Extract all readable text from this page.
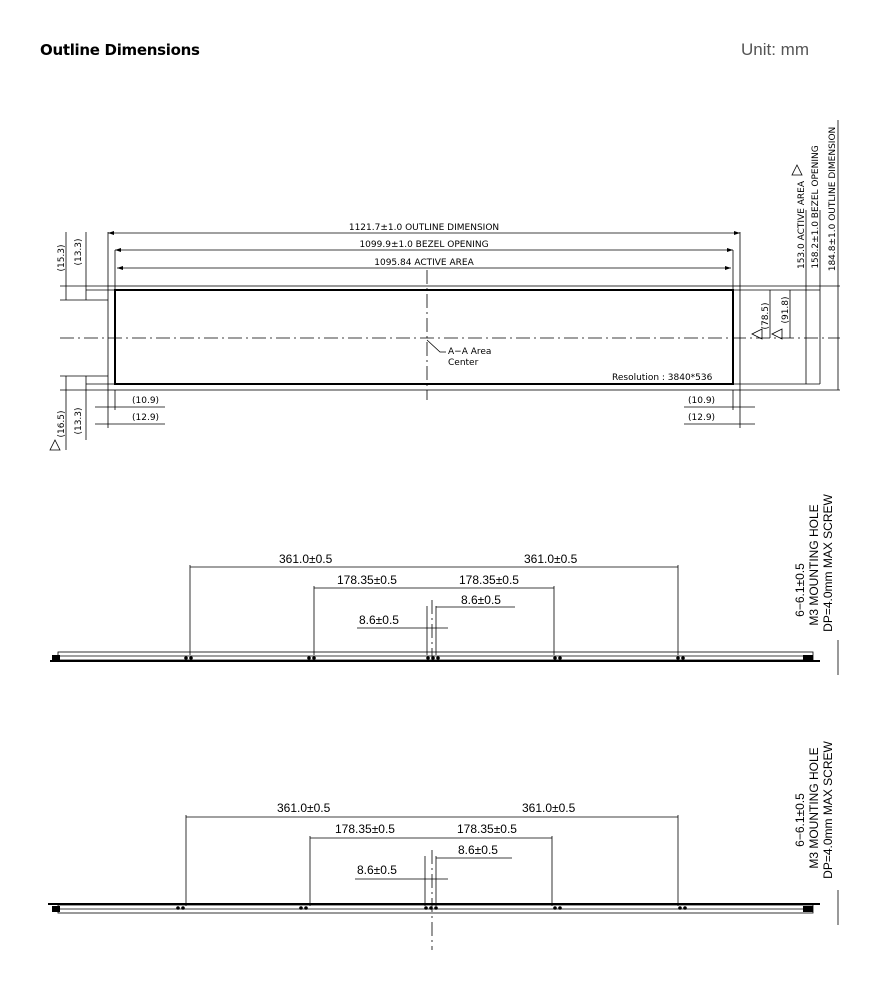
Outline Dimensions	Unit: mm
1121.7±1.0 OUTLINE DIMENSION
1099.9±1.0 BEZEL OPENING
1095.84 ACTIVE AREA
(15.3) (13.3)
(16.5) (13.3)
(10.9)
(12.9)
(10.9)
(12.9)
A−A Area
Center
Resolution : 3840*536
(78.5) (91.8)
153.0 ACTIVE AREA 158.2±1.0 BEZEL OPENING 184.8±1.0 OUTLINE DIMENSION
361.0±0.5	361.0±0.5
178.35±0.5	178.35±0.5
8.6±0.5
8.6±0.5
6−6.1±0.5 M3 MOUNTING HOLE DP=4.0mm MAX SCREW
361.0±0.5	361.0±0.5
178.35±0.5	178.35±0.5
8.6±0.5
8.6±0.5
6−6.1±0.5 M3 MOUNTING HOLE DP=4.0mm MAX SCREW
